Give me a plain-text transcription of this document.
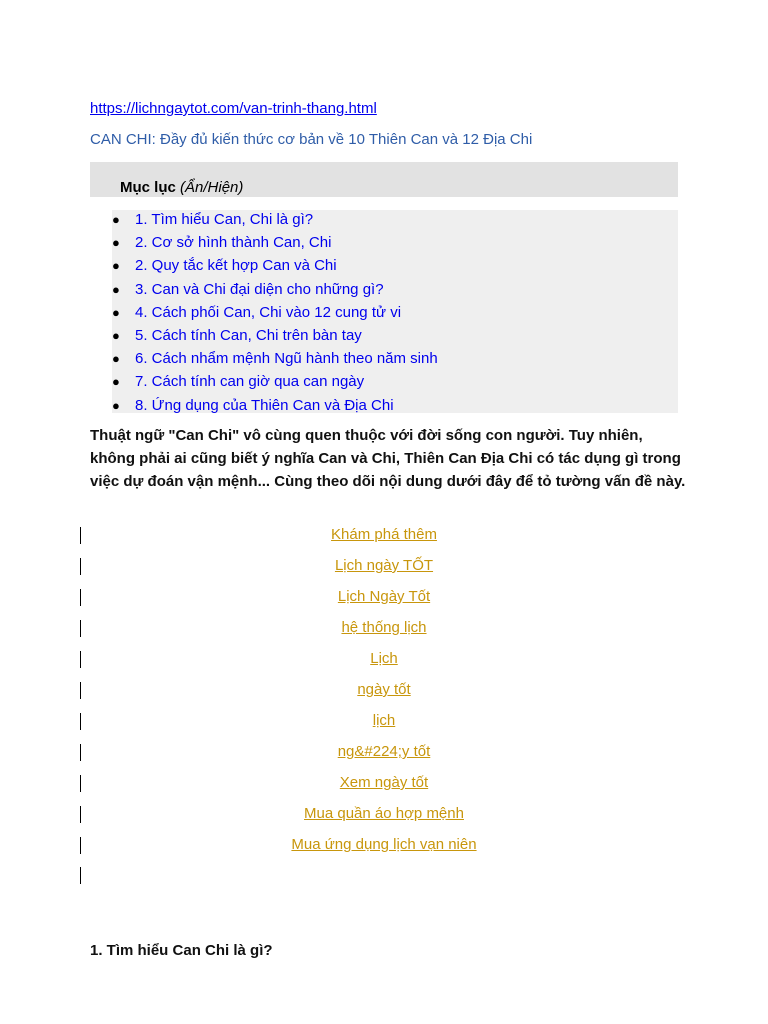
https://lichngaytot.com/van-trinh-thang.html
CAN CHI: Đầy đủ kiến thức cơ bản về 10 Thiên Can và 12 Địa Chi
Mục lục (Ẩn/Hiện)
● 1. Tìm hiểu Can, Chi là gì?
● 2. Cơ sở hình thành Can, Chi
● 2. Quy tắc kết hợp Can và Chi
● 3. Can và Chi đại diện cho những gì?
● 4. Cách phối Can, Chi vào 12 cung tử vi
● 5. Cách tính Can, Chi trên bàn tay
● 6. Cách nhẩm mệnh Ngũ hành theo năm sinh
● 7. Cách tính can giờ qua can ngày
● 8. Ứng dụng của Thiên Can và Địa Chi

Thuật ngữ "Can Chi" vô cùng quen thuộc với đời sống con người. Tuy nhiên, không phải ai cũng biết ý nghĩa Can và Chi, Thiên Can Địa Chi có tác dụng gì trong việc dự đoán vận mệnh... Cùng theo dõi nội dung dưới đây để tỏ tường vấn đề này.

Khám phá thêm
Lịch ngày TỐT
Lịch Ngày Tốt
hệ thống lịch
Lịch
ngày tốt
lịch
ng&#224;y tốt
Xem ngày tốt
Mua quần áo hợp mệnh
Mua ứng dụng lịch vạn niên
1. Tìm hiểu Can Chi là gì?
